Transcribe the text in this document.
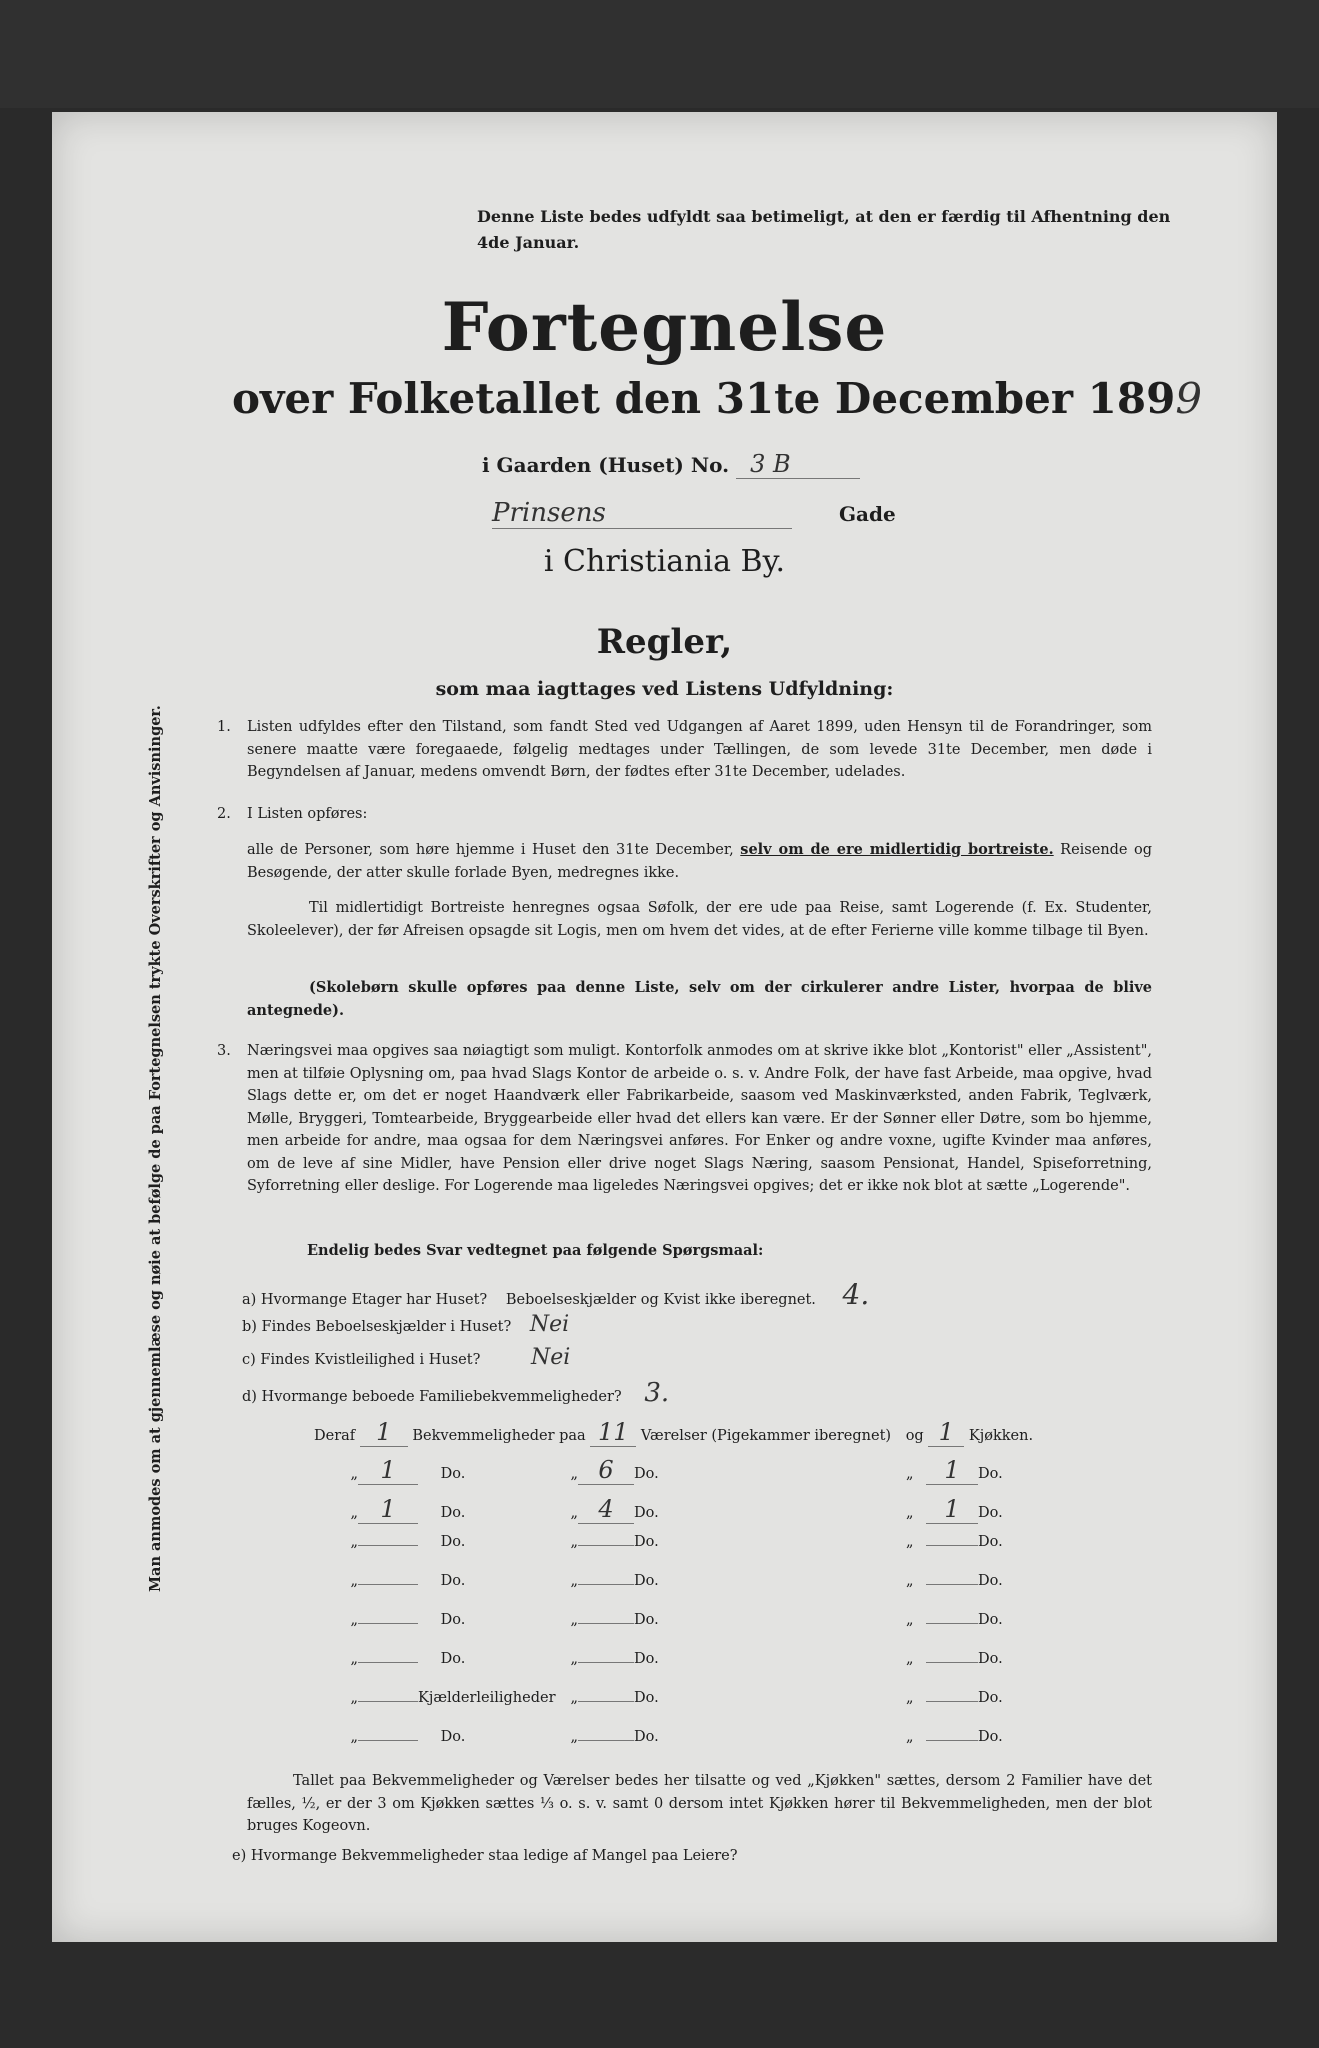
Denne Liste bedes udfyldt saa betimeligt, at den er færdig til Afhentning den 4de Januar.
Fortegnelse
over Folketallet den 31te December 1899
i Gaarden (Huset) No. 3 B
Prinsens	Gade
i Christiania By.
Man anmodes om at gjennemlæse og nøie at befølge de paa Fortegnelsen trykte Overskrifter og Anvisninger.
Regler,
som maa iagttages ved Listens Udfyldning:
1. Listen udfyldes efter den Tilstand, som fandt Sted ved Udgangen af Aaret 1899, uden Hensyn til de Forandringer, som senere maatte være foregaaede, følgelig medtages under Tællingen, de som levede 31te December, men døde i Begyndelsen af Januar, medens omvendt Børn, der fødtes efter 31te December, udelades.
2. I Listen opføres:
alle de Personer, som høre hjemme i Huset den 31te December, selv om de ere midlertidig bortreiste. Reisende og Besøgende, der atter skulle forlade Byen, medregnes ikke.
Til midlertidigt Bortreiste henregnes ogsaa Søfolk, der ere ude paa Reise, samt Logerende (f. Ex. Studenter, Skoleelever), der før Afreisen opsagde sit Logis, men om hvem det vides, at de efter Ferierne ville komme tilbage til Byen.
(Skolebørn skulle opføres paa denne Liste, selv om der cirkulerer andre Lister, hvorpaa de blive antegnede).
3. Næringsvei maa opgives saa nøiagtigt som muligt. Kontorfolk anmodes om at skrive ikke blot „Kontorist" eller „Assistent", men at tilføie Oplysning om, paa hvad Slags Kontor de arbeide o. s. v. Andre Folk, der have fast Arbeide, maa opgive, hvad Slags dette er, om det er noget Haandværk eller Fabrikarbeide, saasom ved Maskinværksted, anden Fabrik, Teglværk, Mølle, Bryggeri, Tomtearbeide, Bryggearbeide eller hvad det ellers kan være. Er der Sønner eller Døtre, som bo hjemme, men arbeide for andre, maa ogsaa for dem Næringsvei anføres. For Enker og andre voxne, ugifte Kvinder maa anføres, om de leve af sine Midler, have Pension eller drive noget Slags Næring, saasom Pensionat, Handel, Spiseforretning, Syforretning eller deslige. For Logerende maa ligeledes Næringsvei opgives; det er ikke nok blot at sætte „Logerende".
Endelig bedes Svar vedtegnet paa følgende Spørgsmaal:
a) Hvormange Etager har Huset? Beboelseskjælder og Kvist ikke iberegnet. 4.
b) Findes Beboelseskjælder i Huset? Nei
c) Findes Kvistleilighed i Huset? Nei
d) Hvormange beboede Familiebekvemmeligheder? 3.
Deraf 1 Bekvemmeligheder paa 11 Værelser (Pigekammer iberegnet) og 1 Kjøkken.
„ 1	Do.	„ 6 Do.	„ 1 Do.
„ 1	Do.	„ 4 Do.	„ 1 Do.
„	Do.	„	Do.	„	Do.
„	Do.	„	Do.	„	Do.
„	Do.	„	Do.	„	Do.
„	Do.	„	Do.	„	Do.
„	Kjælderleiligheder „	Do.	„	Do.
„	Do.	„	Do.	„	Do.
Tallet paa Bekvemmeligheder og Værelser bedes her tilsatte og ved „Kjøkken" sættes, dersom 2 Familier have det fælles, ½, er der 3 om Kjøkken sættes ⅓ o. s. v. samt 0 dersom intet Kjøkken hører til Bekvemmeligheden, men der blot bruges Kogeovn.
e) Hvormange Bekvemmeligheder staa ledige af Mangel paa Leiere?
